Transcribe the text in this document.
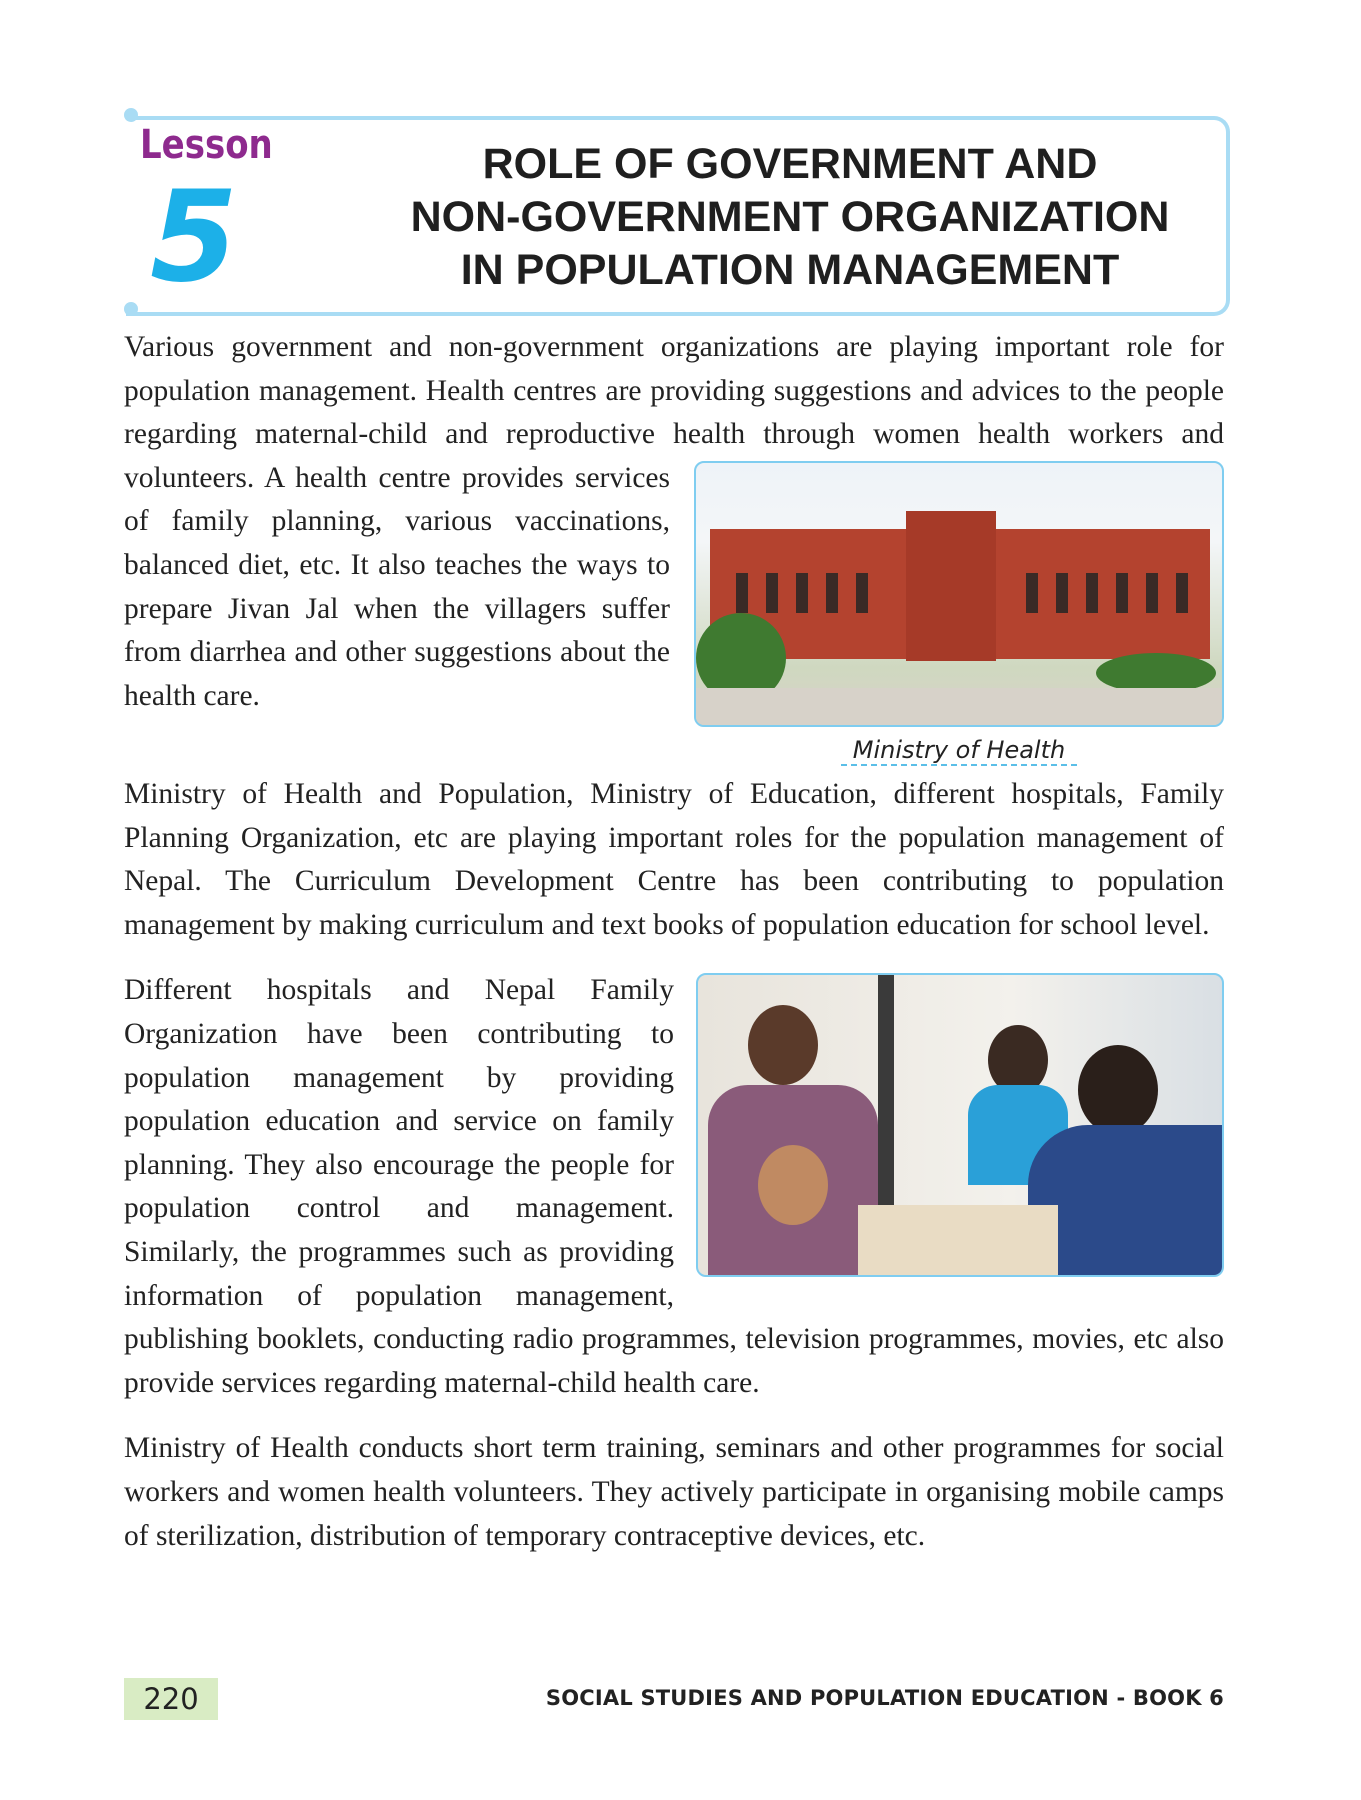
Lesson
5	ROLE OF GOVERNMENT AND
NON-GOVERNMENT ORGANIZATION
IN POPULATION MANAGEMENT
Ministry of Health

Various government and non-government organizations are playing important role for population management. Health centres are providing suggestions and advices to the people regarding maternal-child and reproductive health through women health workers and volunteers. A health centre provides services of family planning, various vaccinations, balanced diet, etc. It also teaches the ways to prepare Jivan Jal when the villagers suffer from diarrhea and other suggestions about the health care.

Ministry of Health and Population, Ministry of Education, different hospitals, Family Planning Organization, etc are playing important roles for the population management of Nepal. The Curriculum Development Centre has been contributing to population management by making curriculum and text books of population education for school level.

Different hospitals and Nepal Family Organization have been contributing to population management by providing population education and service on family planning. They also encourage the people for population control and management. Similarly, the programmes such as providing information of population management, publishing booklets, conducting radio programmes, television programmes, movies, etc also provide services regarding maternal-child health care.

Ministry of Health conducts short term training, seminars and other programmes for social workers and women health volunteers. They actively participate in organising mobile camps of sterilization, distribution of temporary contraceptive devices, etc.

220	SOCIAL STUDIES AND POPULATION EDUCATION - BOOK 6
